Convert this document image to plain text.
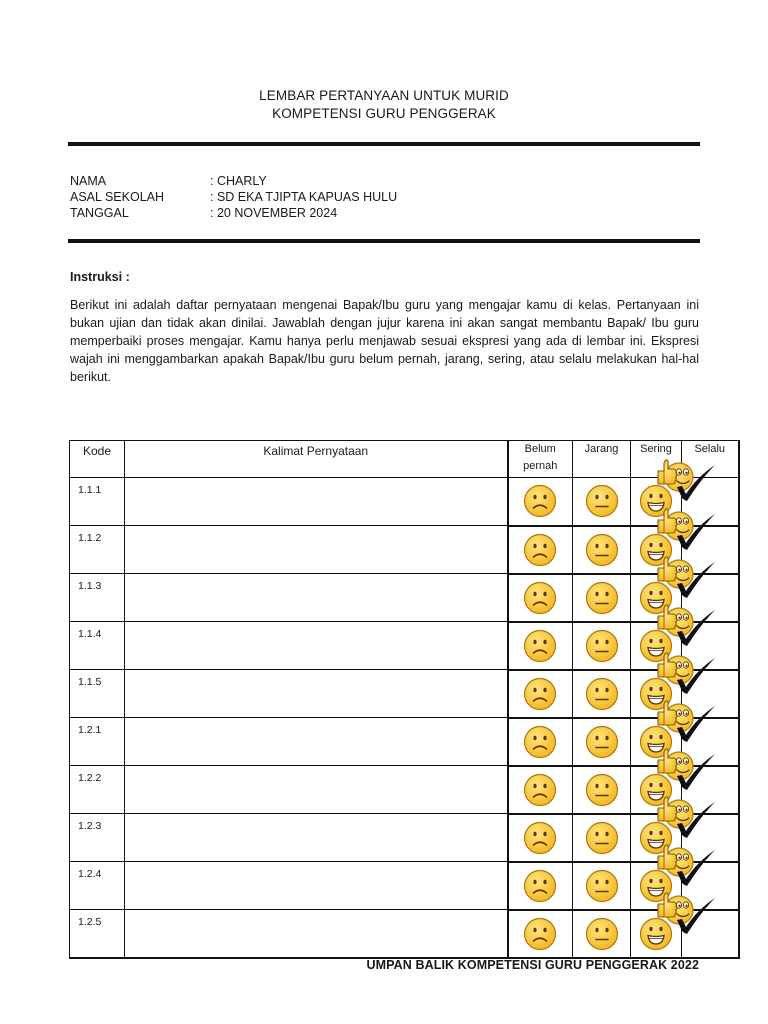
LEMBAR PERTANYAAN UNTUK MURID
KOMPETENSI GURU PENGGERAK
NAMA	: CHARLY
ASAL SEKOLAH	: SD EKA TJIPTA KAPUAS HULU
TANGGAL	: 20 NOVEMBER 2024
Instruksi :
Berikut ini adalah daftar pernyataan mengenai Bapak/Ibu guru yang mengajar kamu di kelas. Pertanyaan ini bukan ujian dan tidak akan dinilai. Jawablah dengan jujur karena ini akan sangat membantu Bapak/ Ibu guru memperbaiki proses mengajar. Kamu hanya perlu menjawab sesuai ekspresi yang ada di lembar ini. Ekspresi wajah ini menggambarkan apakah Bapak/Ibu guru belum pernah, jarang, sering, atau selalu melakukan hal-hal berikut.
Kode	Kalimat Pernyataan	Belum pernah	Jarang	Sering	Selalu
1.1.1		

1.1.2		

1.1.3		

1.1.4		

1.1.5		

1.2.1		

1.2.2		

1.2.3		

1.2.4		

1.2.5		

UMPAN BALIK KOMPETENSI GURU PENGGERAK 2022
